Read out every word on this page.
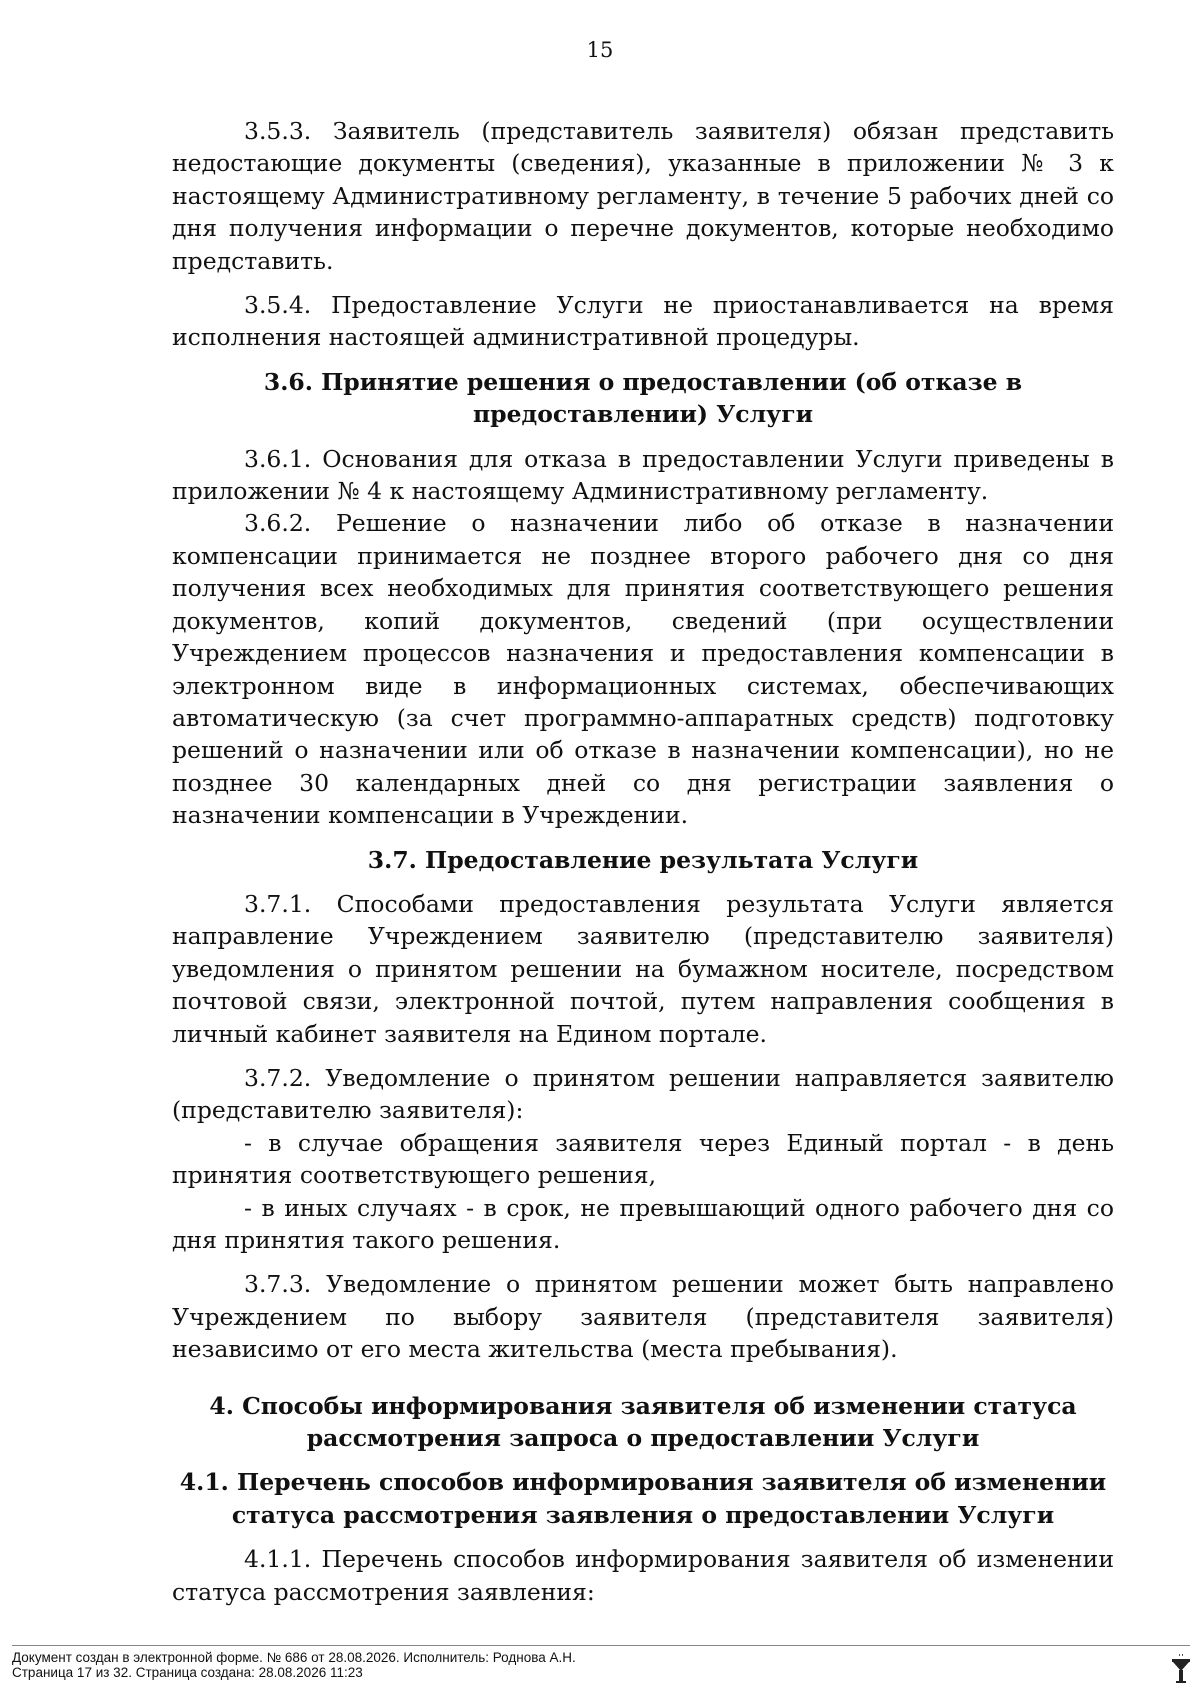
15

3.5.3. Заявитель (представитель заявителя) обязан представить недостающие документы (сведения), указанные в приложении № 3 к настоящему Административному регламенту, в течение 5 рабочих дней со дня получения информации о перечне документов, которые необходимо представить.

3.5.4. Предоставление Услуги не приостанавливается на время исполнения настоящей административной процедуры.

3.6. Принятие решения о предоставлении (об отказе в предоставлении) Услуги

3.6.1. Основания для отказа в предоставлении Услуги приведены в приложении № 4 к настоящему Административному регламенту.

3.6.2. Решение о назначении либо об отказе в назначении компенсации принимается не позднее второго рабочего дня со дня получения всех необходимых для принятия соответствующего решения документов, копий документов, сведений (при осуществлении Учреждением процессов назначения и предоставления компенсации в электронном виде в информационных системах, обеспечивающих автоматическую (за счет программно-аппаратных средств) подготовку решений о назначении или об отказе в назначении компенсации), но не позднее 30 календарных дней со дня регистрации заявления о назначении компенсации в Учреждении.

3.7. Предоставление результата Услуги

3.7.1. Способами предоставления результата Услуги является направление Учреждением заявителю (представителю заявителя) уведомления о принятом решении на бумажном носителе, посредством почтовой связи, электронной почтой, путем направления сообщения в личный кабинет заявителя на Едином портале.

3.7.2. Уведомление о принятом решении направляется заявителю (представителю заявителя):

- в случае обращения заявителя через Единый портал - в день принятия соответствующего решения,

- в иных случаях - в срок, не превышающий одного рабочего дня со дня принятия такого решения.

3.7.3. Уведомление о принятом решении может быть направлено Учреждением по выбору заявителя (представителя заявителя) независимо от его места жительства (места пребывания).

4. Способы информирования заявителя об изменении статуса рассмотрения запроса о предоставлении Услуги

4.1. Перечень способов информирования заявителя об изменении статуса рассмотрения заявления о предоставлении Услуги

4.1.1. Перечень способов информирования заявителя об изменении статуса рассмотрения заявления:

Документ создан в электронной форме. № 686 от 28.08.2026. Исполнитель: Роднова А.Н.
Страница 17 из 32. Страница создана: 28.08.2026 11:23
